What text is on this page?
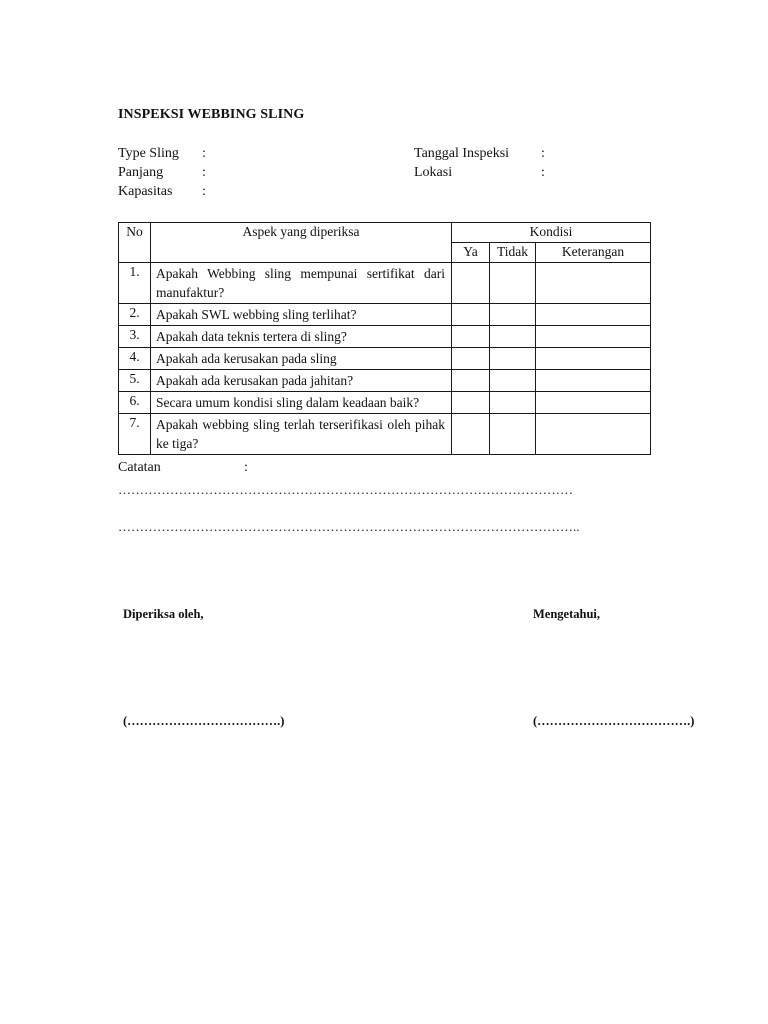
INSPEKSI WEBBING SLING
Type Sling :
Panjang	:
Kapasitas :
Tanggal Inspeksi :
Lokasi	:
No	Aspek yang diperiksa	Kondisi		
		Ya	Tidak	Keterangan
1.	Apakah Webbing sling mempunai sertifikat dari manufaktur?			
2.	Apakah SWL webbing sling terlihat?			
3.	Apakah data teknis tertera di sling?			
4.	Apakah ada kerusakan pada sling			
5.	Apakah ada kerusakan pada jahitan?			
6.	Secara umum kondisi sling dalam keadaan baik?			
7.	Apakah webbing sling terlah terserifikasi oleh pihak ke tiga?			
Catatan	:
……………………………………………………………………………………………
……………………………………………………………………………………………..
Diperiksa oleh,	Mengetahui,
(……………………………….)	(……………………………….)
